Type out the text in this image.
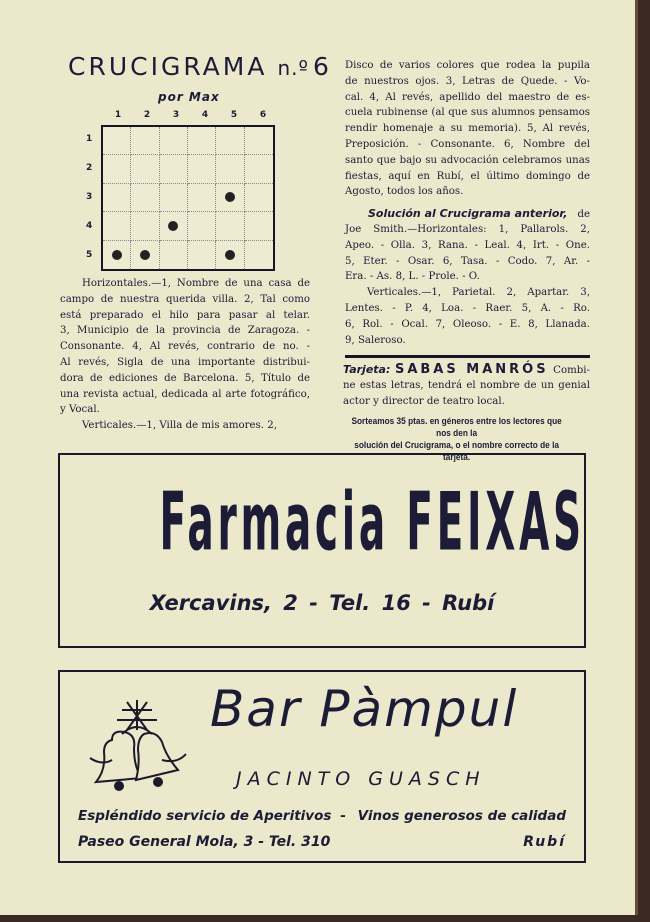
CRUCIGRAMA n.º 6
por Max
1	2	3	4	5	6
1
2
3
4
5
Horizontales.—1, Nombre de una casa de
campo de nuestra querida villa. 2, Tal como
está preparado el hilo para pasar al telar.
3, Municipio de la provincia de Zaragoza. -
Consonante. 4, Al revés, contrario de no. -
Al revés, Sigla de una importante distribui-
dora de ediciones de Barcelona. 5, Título de
una revista actual, dedicada al arte fotográfico,
y Vocal.
Verticales.—1, Villa de mis amores. 2,
Disco de varios colores que rodea la pupila
de nuestros ojos. 3, Letras de Quede. - Vo-
cal. 4, Al revés, apellido del maestro de es-
cuela rubinense (al que sus alumnos pensamos
rendir homenaje a su memoria). 5, Al revés,
Preposición. - Consonante. 6, Nombre del
santo que bajo su advocación celebramos unas
fiestas, aquí en Rubí, el último domingo de
Agosto, todos los años.
Solución al Crucigrama anterior, de
Joe Smith.—Horizontales: 1, Pallarols. 2,
Apeo. - Olla. 3, Rana. - Leal. 4, Irt. - One.
5, Eter. - Osar. 6, Tasa. - Codo. 7, Ar. -
Era. - As. 8, L. - Prole. - O.
Verticales.—1, Parietal. 2, Apartar. 3,
Lentes. - P. 4, Loa. - Raer. 5, A. - Ro.
6, Rol. - Ocal. 7, Oleoso. - E. 8, Llanada.
9, Saleroso.
Tarjeta: SABAS MANRÓS Combi-
ne estas letras, tendrá el nombre de un genial
actor y director de teatro local.
Sorteamos 35 ptas. en géneros entre los lectores que nos den la
solución del Crucigrama, o el nombre correcto de la tarjeta.
Farmacia FEIXAS
Xercavins, 2 - Tel. 16 - Rubí
Bar Pàmpul
JACINTO GUASCH
Espléndido servicio de Aperitivos - Vinos generosos de calidad
Paseo General Mola, 3 - Tel. 310	Rubí
